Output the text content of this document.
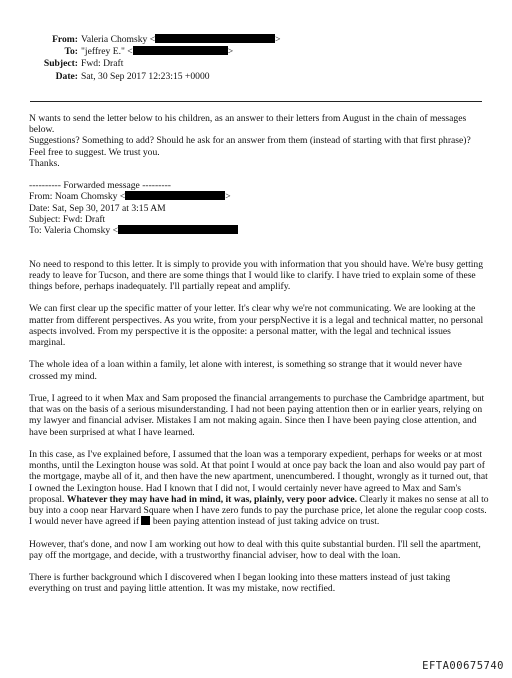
From: Valeria Chomsky <	>
To: "jeffrey E." <	>
Subject: Fwd: Draft
Date: Sat, 30 Sep 2017 12:23:15 +0000

N wants to send the letter below to his children, as an answer to their letters from August in the chain of messages below.

Suggestions? Something to add? Should he ask for an answer from them (instead of starting with that first phrase)? Feel free to suggest. We trust you.

Thanks.

---------- Forwarded message ---------

From: Noam Chomsky <	>

Date: Sat, Sep 30, 2017 at 3:15 AM

Subject: Fwd: Draft

To: Valeria Chomsky <

No need to respond to this letter. It is simply to provide you with information that you should have. We're busy getting ready to leave for Tucson, and there are some things that I would like to clarify. I have tried to explain some of these things before, perhaps inadequately. I'll partially repeat and amplify.

We can first clear up the specific matter of your letter. It's clear why we're not communicating. We are looking at the matter from different perspectives. As you write, from your perspNective it is a legal and technical matter, no personal aspects involved. From my perspective it is the opposite: a personal matter, with the legal and technical issues marginal.

The whole idea of a loan within a family, let alone with interest, is something so strange that it would never have crossed my mind.

True, I agreed to it when Max and Sam proposed the financial arrangements to purchase the Cambridge apartment, but that was on the basis of a serious misunderstanding. I had not been paying attention then or in earlier years, relying on my lawyer and financial adviser. Mistakes I am not making again. Since then I have been paying close attention, and have been surprised at what I have learned.

In this case, as I've explained before, I assumed that the loan was a temporary expedient, perhaps for weeks or at most months, until the Lexington house was sold. At that point I would at once pay back the loan and also would pay part of the mortgage, maybe all of it, and then have the new apartment, unencumbered. I thought, wrongly as it turned out, that I owned the Lexington house. Had I known that I did not, I would certainly never have agreed to Max and Sam's proposal. Whatever they may have had in mind, it was, plainly, very poor advice. Clearly it makes no sense at all to buy into a coop near Harvard Square when I have zero funds to pay the purchase price, let alone the regular coop costs. I would never have agreed if  been paying attention instead of just taking advice on trust.

However, that's done, and now I am working out how to deal with this quite substantial burden. I'll sell the apartment, pay off the mortgage, and decide, with a trustworthy financial adviser, how to deal with the loan.

There is further background which I discovered when I began looking into these matters instead of just taking everything on trust and paying little attention. It was my mistake, now rectified.

EFTA00675740
